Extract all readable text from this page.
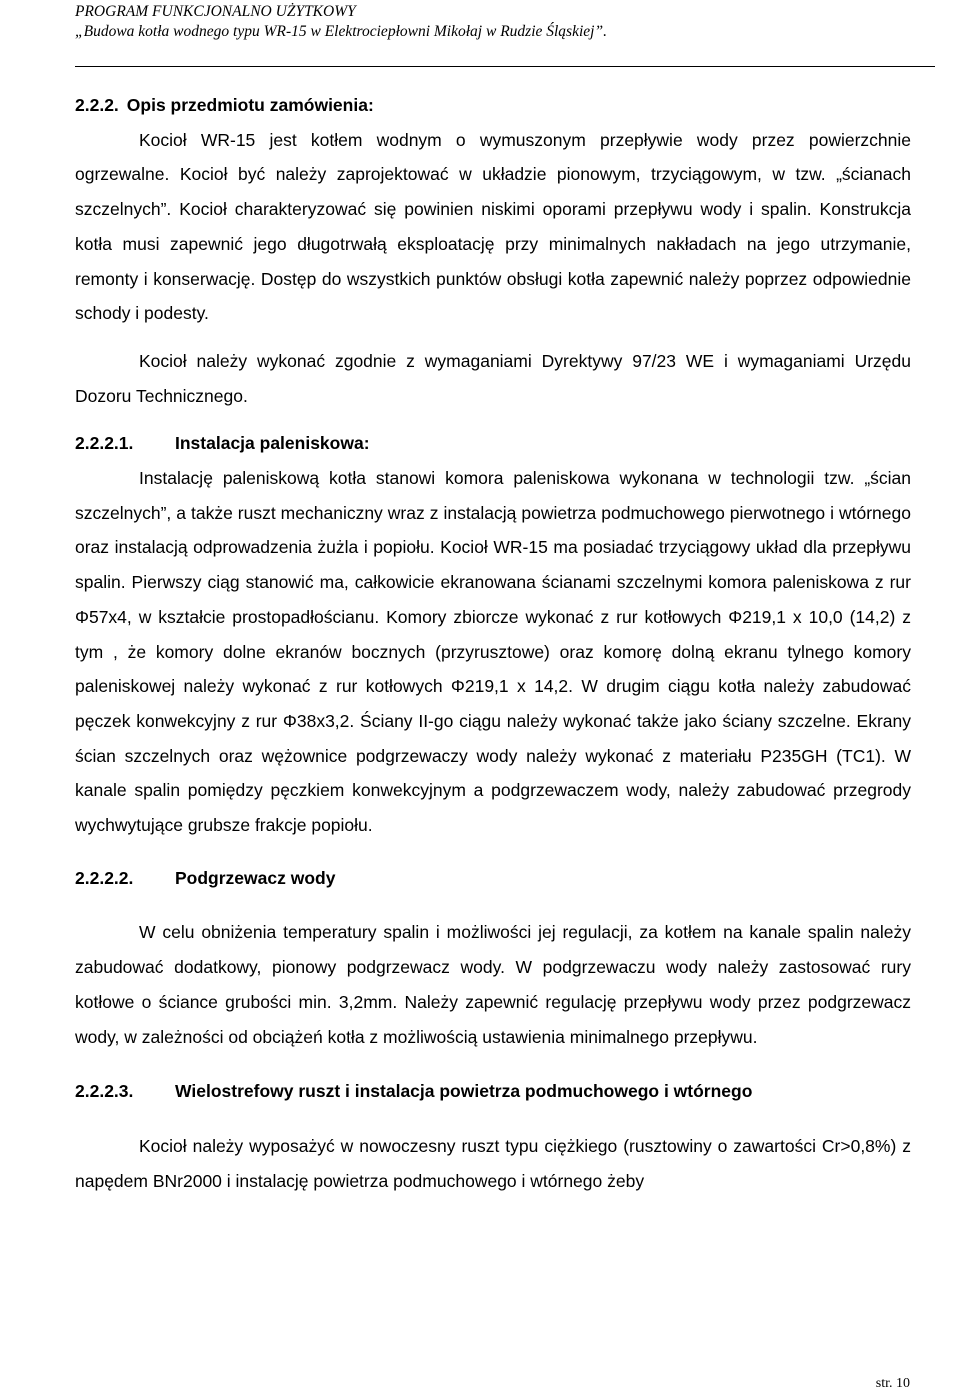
PROGRAM FUNKCJONALNO UŻYTKOWY
„Budowa kotła wodnego typu WR-15 w Elektrociepłowni Mikołaj w Rudzie Śląskiej”.
2.2.2. Opis przedmiotu zamówienia:

Kocioł WR-15 jest kotłem wodnym o wymuszonym przepływie wody przez powierzchnie ogrzewalne. Kocioł być należy zaprojektować w układzie pionowym, trzyciągowym, w tzw. „ścianach szczelnych”. Kocioł charakteryzować się powinien niskimi oporami przepływu wody i spalin. Konstrukcja kotła musi zapewnić jego długotrwałą eksploatację przy minimalnych nakładach na jego utrzymanie, remonty i konserwację. Dostęp do wszystkich punktów obsługi kotła zapewnić należy poprzez odpowiednie schody i podesty.

Kocioł należy wykonać zgodnie z wymaganiami Dyrektywy 97/23 WE i wymaganiami Urzędu Dozoru Technicznego.

2.2.2.1. Instalacja paleniskowa:

Instalację paleniskową kotła stanowi komora paleniskowa wykonana w technologii tzw. „ścian szczelnych”, a także ruszt mechaniczny wraz z instalacją powietrza podmuchowego pierwotnego i wtórnego oraz instalacją odprowadzenia żużla i popiołu. Kocioł WR-15 ma posiadać trzyciągowy układ dla przepływu spalin. Pierwszy ciąg stanowić ma, całkowicie ekranowana ścianami szczelnymi komora paleniskowa z rur Φ57x4, w kształcie prostopadłościanu. Komory zbiorcze wykonać z rur kotłowych Φ219,1 x 10,0 (14,2) z tym , że komory dolne ekranów bocznych (przyrusztowe) oraz komorę dolną ekranu tylnego komory paleniskowej należy wykonać z rur kotłowych Φ219,1 x 14,2. W drugim ciągu kotła należy zabudować pęczek konwekcyjny z rur Φ38x3,2. Ściany II-go ciągu należy wykonać także jako ściany szczelne. Ekrany ścian szczelnych oraz wężownice podgrzewaczy wody należy wykonać z materiału P235GH (TC1). W kanale spalin pomiędzy pęczkiem konwekcyjnym a podgrzewaczem wody, należy zabudować przegrody wychwytujące grubsze frakcje popiołu.

2.2.2.2. Podgrzewacz wody

W celu obniżenia temperatury spalin i możliwości jej regulacji, za kotłem na kanale spalin należy zabudować dodatkowy, pionowy podgrzewacz wody. W podgrzewaczu wody należy zastosować rury kotłowe o ściance grubości min. 3,2mm. Należy zapewnić regulację przepływu wody przez podgrzewacz wody, w zależności od obciążeń kotła z możliwością ustawienia minimalnego przepływu.

2.2.2.3. Wielostrefowy ruszt i instalacja powietrza podmuchowego i wtórnego

Kocioł należy wyposażyć w nowoczesny ruszt typu ciężkiego (rusztowiny o zawartości Cr>0,8%) z napędem BNr2000 i instalację powietrza podmuchowego i wtórnego żeby

str. 10
